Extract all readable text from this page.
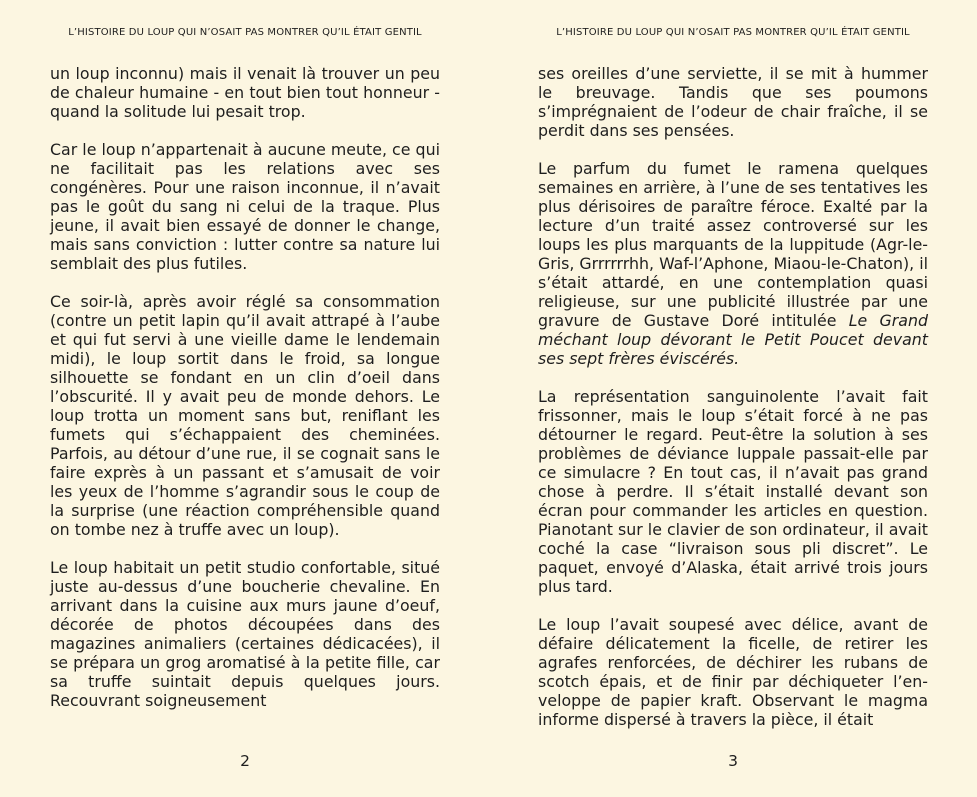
L’HISTOIRE DU LOUP QUI N’OSAIT PAS MONTRER QU’IL ÉTAIT GENTIL

un loup inconnu) mais il venait là trouver un peu de chaleur humaine - en tout bien tout honneur - quand la solitude lui pesait trop.

Car le loup n’appartenait à aucune meute, ce qui ne facilitait pas les relations avec ses congénères. Pour une raison inconnue, il n’avait pas le goût du sang ni celui de la traque. Plus jeune, il avait bien essayé de donner le change, mais sans conviction : lutter contre sa nature lui semblait des plus futiles.

Ce soir-là, après avoir réglé sa consommation (contre un petit lapin qu’il avait attrapé à l’aube et qui fut servi à une vieille dame le lendemain midi), le loup sortit dans le froid, sa longue silhouette se fondant en un clin d’oeil dans l’obscurité. Il y avait peu de monde dehors. Le loup trotta un moment sans but, reniflant les fumets qui s’échappaient des cheminées. Parfois, au détour d’une rue, il se cognait sans le faire exprès à un passant et s’amusait de voir les yeux de l’homme s’agrandir sous le coup de la surprise (une réaction compréhensible quand on tombe nez à truffe avec un loup).

Le loup habitait un petit studio confortable, situé juste au-dessus d’une boucherie chevaline. En arrivant dans la cuisine aux murs jaune d’oeuf, décorée de photos découpées dans des magazines animaliers (certaines dédicacées), il se prépara un grog aromatisé à la petite fille, car sa truffe suintait depuis quelques jours. Recouvrant soigneusement

2
L’HISTOIRE DU LOUP QUI N’OSAIT PAS MONTRER QU’IL ÉTAIT GENTIL

ses oreilles d’une serviette, il se mit à hummer le breuvage. Tandis que ses poumons s’imprégnaient de l’odeur de chair fraîche, il se perdit dans ses pensées.

Le parfum du fumet le ramena quelques semaines en arrière, à l’une de ses tentatives les plus dérisoires de paraître féroce. Exalté par la lecture d’un traité assez controversé sur les loups les plus marquants de la luppitude (Agr-le-Gris, Grrrrrrhh, Waf-l’Aphone, Miaou-le-Chaton), il s’était attardé, en une contemplation quasi religieuse, sur une publicité illustrée par une gravure de Gustave Doré intitulée Le Grand méchant loup dévorant le Petit Poucet devant ses sept frères éviscérés.

La représentation sanguinolente l’avait fait frissonner, mais le loup s’était forcé à ne pas détourner le regard. Peut-être la solution à ses problèmes de déviance luppale passait-elle par ce simulacre ? En tout cas, il n’avait pas grand chose à perdre. Il s’était installé devant son écran pour commander les articles en question. Pianotant sur le clavier de son ordinateur, il avait coché la case “livraison sous pli discret”. Le paquet, envoyé d’Alaska, était arrivé trois jours plus tard.

Le loup l’avait soupesé avec délice, avant de défaire délicatement la ficelle, de retirer les agrafes renforcées, de déchirer les rubans de scotch épais, et de finir par déchiqueter l’enveloppe de papier kraft. Observant le magma informe dispersé à travers la pièce, il était

3
